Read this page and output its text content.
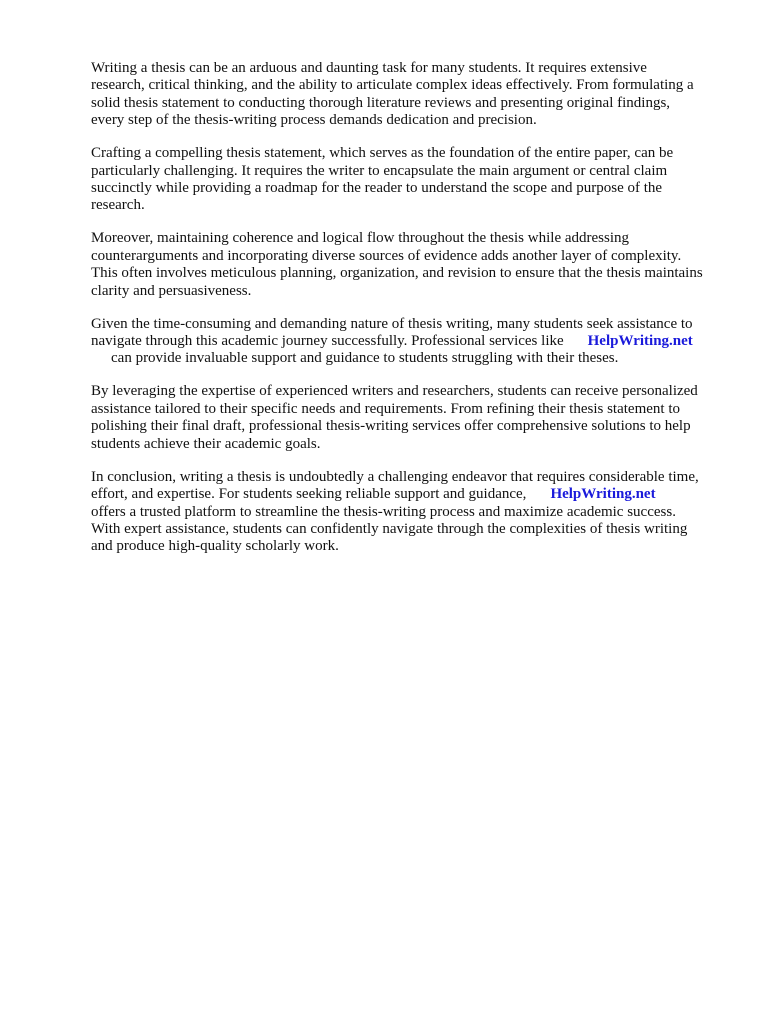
Writing a thesis can be an arduous and daunting task for many students. It requires extensive
research, critical thinking, and the ability to articulate complex ideas effectively. From formulating a
solid thesis statement to conducting thorough literature reviews and presenting original findings,
every step of the thesis-writing process demands dedication and precision.
Crafting a compelling thesis statement, which serves as the foundation of the entire paper, can be
particularly challenging. It requires the writer to encapsulate the main argument or central claim
succinctly while providing a roadmap for the reader to understand the scope and purpose of the
research.
Moreover, maintaining coherence and logical flow throughout the thesis while addressing
counterarguments and incorporating diverse sources of evidence adds another layer of complexity.
This often involves meticulous planning, organization, and revision to ensure that the thesis maintains
clarity and persuasiveness.
Given the time-consuming and demanding nature of thesis writing, many students seek assistance to
navigate through this academic journey successfully. Professional services like HelpWriting.net
can provide invaluable support and guidance to students struggling with their theses.
By leveraging the expertise of experienced writers and researchers, students can receive personalized
assistance tailored to their specific needs and requirements. From refining their thesis statement to
polishing their final draft, professional thesis-writing services offer comprehensive solutions to help
students achieve their academic goals.
In conclusion, writing a thesis is undoubtedly a challenging endeavor that requires considerable time,
effort, and expertise. For students seeking reliable support and guidance, HelpWriting.net
offers a trusted platform to streamline the thesis-writing process and maximize academic success.
With expert assistance, students can confidently navigate through the complexities of thesis writing
and produce high-quality scholarly work.
